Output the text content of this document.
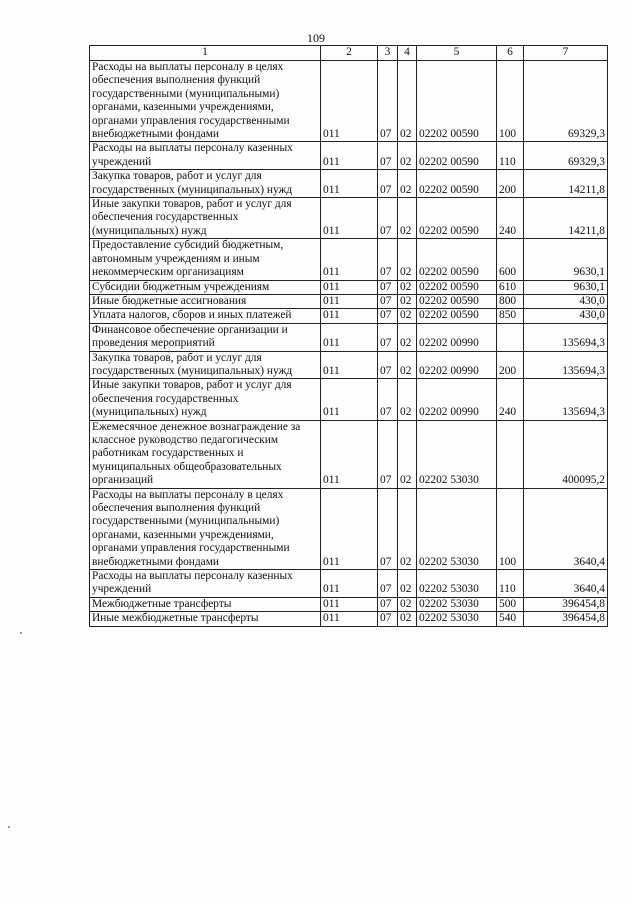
109
1	2	3	4	5	6	7
Расходы на выплаты персоналу в целях обеспечения выполнения функций государственными (муниципальными) органами, казенными учреждениями, органами управления государственными внебюджетными фондами	011	07	02	02202 00590	100	69329,3
Расходы на выплаты персоналу казенных учреждений	011	07	02	02202 00590	110	69329,3
Закупка товаров, работ и услуг для государственных (муниципальных) нужд	011	07	02	02202 00590	200	14211,8
Иные закупки товаров, работ и услуг для обеспечения государственных (муниципальных) нужд	011	07	02	02202 00590	240	14211,8
Предоставление субсидий бюджетным, автономным учреждениям и иным некоммерческим организациям	011	07	02	02202 00590	600	9630,1
Субсидии бюджетным учреждениям	011	07	02	02202 00590	610	9630,1
Иные бюджетные ассигнования	011	07	02	02202 00590	800	430,0
Уплата налогов, сборов и иных платежей	011	07	02	02202 00590	850	430,0
Финансовое обеспечение организации и проведения мероприятий	011	07	02	02202 00990		135694,3
Закупка товаров, работ и услуг для государственных (муниципальных) нужд	011	07	02	02202 00990	200	135694,3
Иные закупки товаров, работ и услуг для обеспечения государственных (муниципальных) нужд	011	07	02	02202 00990	240	135694,3
Ежемесячное денежное вознаграждение за классное руководство педагогическим работникам государственных и муниципальных общеобразовательных организаций	011	07	02	02202 53030		400095,2
Расходы на выплаты персоналу в целях обеспечения выполнения функций государственными (муниципальными) органами, казенными учреждениями, органами управления государственными внебюджетными фондами	011	07	02	02202 53030	100	3640,4
Расходы на выплаты персоналу казенных учреждений	011	07	02	02202 53030	110	3640,4
Межбюджетные трансферты	011	07	02	02202 53030	500	396454,8
Иные межбюджетные трансферты	011	07	02	02202 53030	540	396454,8
